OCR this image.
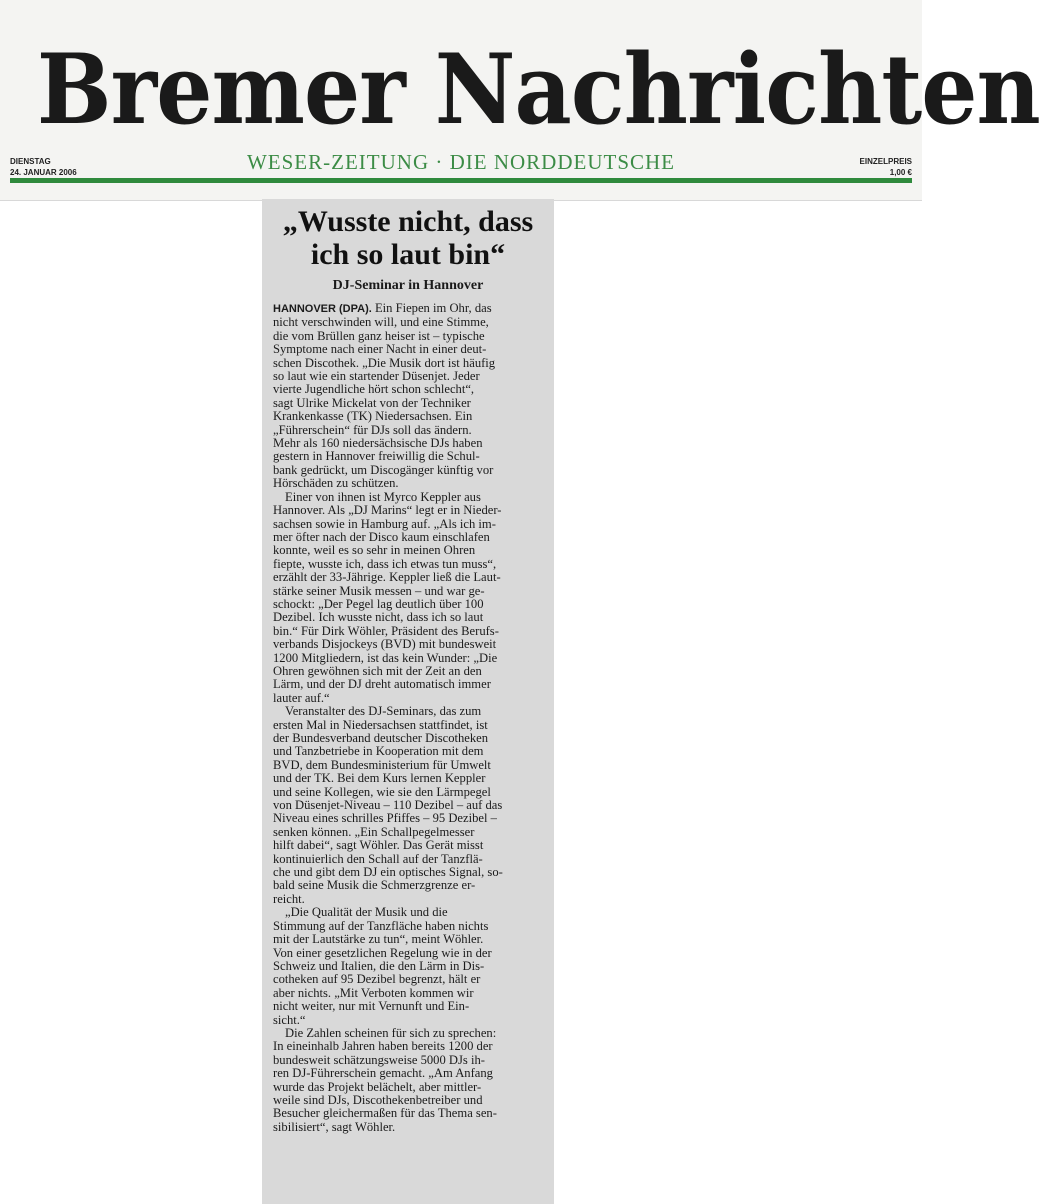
Bremer Nachrichten
DIENSTAG
24. JANUAR 2006	WESER-ZEITUNG · DIE NORDDEUTSCHE	EINZELPREIS
1,00 €
„Wusste nicht, dass
ich so laut bin“
DJ-Seminar in Hannover
HANNOVER (DPA). Ein Fiepen im Ohr, das
nicht verschwinden will, und eine Stimme,
die vom Brüllen ganz heiser ist – typische
Symptome nach einer Nacht in einer deut-
schen Discothek. „Die Musik dort ist häufig
so laut wie ein startender Düsenjet. Jeder
vierte Jugendliche hört schon schlecht“,
sagt Ulrike Mickelat von der Techniker
Krankenkasse (TK) Niedersachsen. Ein
„Führerschein“ für DJs soll das ändern.
Mehr als 160 niedersächsische DJs haben
gestern in Hannover freiwillig die Schul-
bank gedrückt, um Discogänger künftig vor
Hörschäden zu schützen.
Einer von ihnen ist Myrco Keppler aus
Hannover. Als „DJ Marins“ legt er in Nieder-
sachsen sowie in Hamburg auf. „Als ich im-
mer öfter nach der Disco kaum einschlafen
konnte, weil es so sehr in meinen Ohren
fiepte, wusste ich, dass ich etwas tun muss“,
erzählt der 33-Jährige. Keppler ließ die Laut-
stärke seiner Musik messen – und war ge-
schockt: „Der Pegel lag deutlich über 100
Dezibel. Ich wusste nicht, dass ich so laut
bin.“ Für Dirk Wöhler, Präsident des Berufs-
verbands Disjockeys (BVD) mit bundesweit
1200 Mitgliedern, ist das kein Wunder: „Die
Ohren gewöhnen sich mit der Zeit an den
Lärm, und der DJ dreht automatisch immer
lauter auf.“
Veranstalter des DJ-Seminars, das zum
ersten Mal in Niedersachsen stattfindet, ist
der Bundesverband deutscher Discotheken
und Tanzbetriebe in Kooperation mit dem
BVD, dem Bundesministerium für Umwelt
und der TK. Bei dem Kurs lernen Keppler
und seine Kollegen, wie sie den Lärmpegel
von Düsenjet-Niveau – 110 Dezibel – auf das
Niveau eines schrilles Pfiffes – 95 Dezibel –
senken können. „Ein Schallpegelmesser
hilft dabei“, sagt Wöhler. Das Gerät misst
kontinuierlich den Schall auf der Tanzflä-
che und gibt dem DJ ein optisches Signal, so-
bald seine Musik die Schmerzgrenze er-
reicht.
„Die Qualität der Musik und die
Stimmung auf der Tanzfläche haben nichts
mit der Lautstärke zu tun“, meint Wöhler.
Von einer gesetzlichen Regelung wie in der
Schweiz und Italien, die den Lärm in Dis-
cotheken auf 95 Dezibel begrenzt, hält er
aber nichts. „Mit Verboten kommen wir
nicht weiter, nur mit Vernunft und Ein-
sicht.“
Die Zahlen scheinen für sich zu sprechen:
In eineinhalb Jahren haben bereits 1200 der
bundesweit schätzungsweise 5000 DJs ih-
ren DJ-Führerschein gemacht. „Am Anfang
wurde das Projekt belächelt, aber mittler-
weile sind DJs, Discothekenbetreiber und
Besucher gleichermaßen für das Thema sen-
sibilisiert“, sagt Wöhler.
